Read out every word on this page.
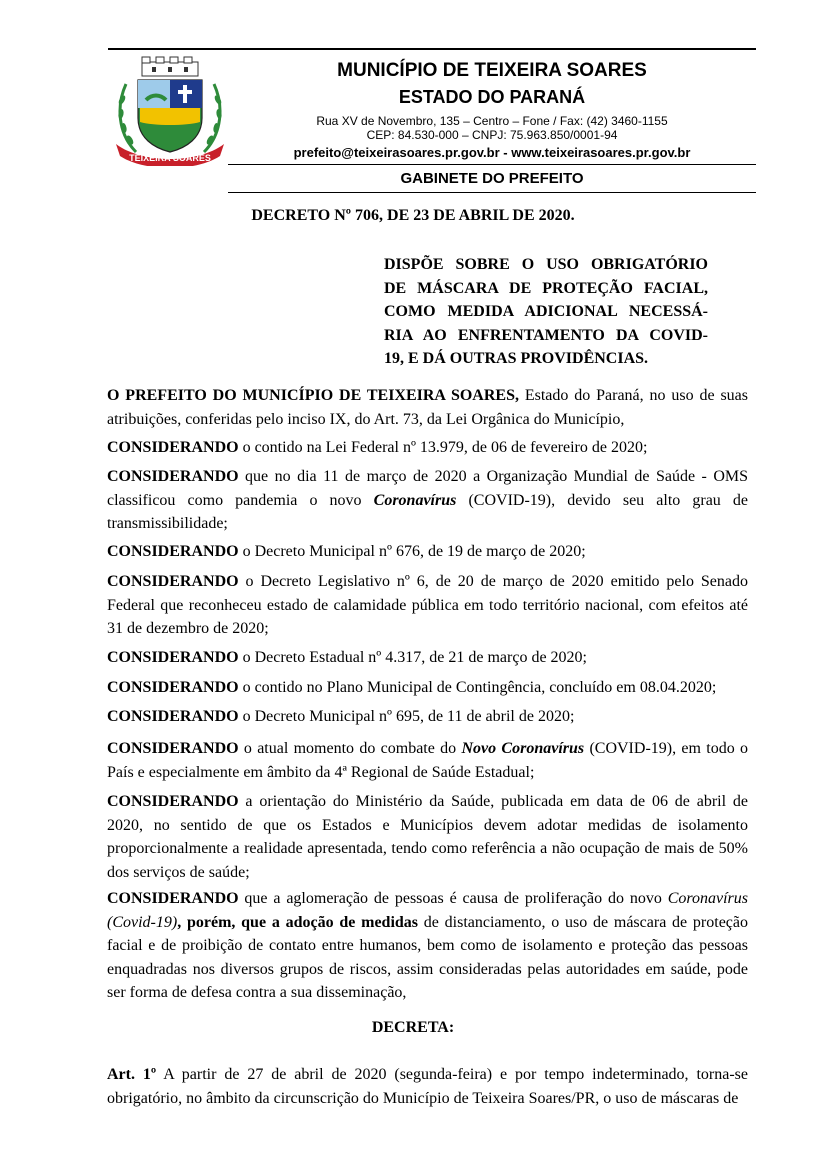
TEIXEIRA SOARES
MUNICÍPIO DE TEIXEIRA SOARES
ESTADO DO PARANÁ
Rua XV de Novembro, 135 – Centro – Fone / Fax: (42) 3460-1155
CEP: 84.530-000 – CNPJ: 75.963.850/0001-94
prefeito@teixeirasoares.pr.gov.br - www.teixeirasoares.pr.gov.br
GABINETE DO PREFEITO
DECRETO Nº 706, DE 23 DE ABRIL DE 2020.
DISPÕE SOBRE O USO OBRIGATÓRIO
DE MÁSCARA DE PROTEÇÃO FACIAL,
COMO MEDIDA ADICIONAL NECESSÁ-
RIA AO ENFRENTAMENTO DA COVID-
19, E DÁ OUTRAS PROVIDÊNCIAS.
O PREFEITO DO MUNICÍPIO DE TEIXEIRA SOARES, Estado do Paraná, no uso de suas atribuições, conferidas pelo inciso IX, do Art. 73, da Lei Orgânica do Município,
CONSIDERANDO o contido na Lei Federal nº 13.979, de 06 de fevereiro de 2020;
CONSIDERANDO que no dia 11 de março de 2020 a Organização Mundial de Saúde - OMS classificou como pandemia o novo Coronavírus (COVID-19), devido seu alto grau de transmissibilidade;
CONSIDERANDO o Decreto Municipal nº 676, de 19 de março de 2020;
CONSIDERANDO o Decreto Legislativo nº 6, de 20 de março de 2020 emitido pelo Senado Federal que reconheceu estado de calamidade pública em todo território nacional, com efeitos até 31 de dezembro de 2020;
CONSIDERANDO o Decreto Estadual nº 4.317, de 21 de março de 2020;
CONSIDERANDO o contido no Plano Municipal de Contingência, concluído em 08.04.2020;
CONSIDERANDO o Decreto Municipal nº 695, de 11 de abril de 2020;
CONSIDERANDO o atual momento do combate do Novo Coronavírus (COVID-19), em todo o País e especialmente em âmbito da 4ª Regional de Saúde Estadual;
CONSIDERANDO a orientação do Ministério da Saúde, publicada em data de 06 de abril de 2020, no sentido de que os Estados e Municípios devem adotar medidas de isolamento proporcionalmente a realidade apresentada, tendo como referência a não ocupação de mais de 50% dos serviços de saúde;
CONSIDERANDO que a aglomeração de pessoas é causa de proliferação do novo Coronavírus (Covid-19), porém, que a adoção de medidas de distanciamento, o uso de máscara de proteção facial e de proibição de contato entre humanos, bem como de isolamento e proteção das pessoas enquadradas nos diversos grupos de riscos, assim consideradas pelas autoridades em saúde, pode ser forma de defesa contra a sua disseminação,
DECRETA:
Art. 1º A partir de 27 de abril de 2020 (segunda-feira) e por tempo indeterminado, torna-se obrigatório, no âmbito da circunscrição do Município de Teixeira Soares/PR, o uso de máscaras de
